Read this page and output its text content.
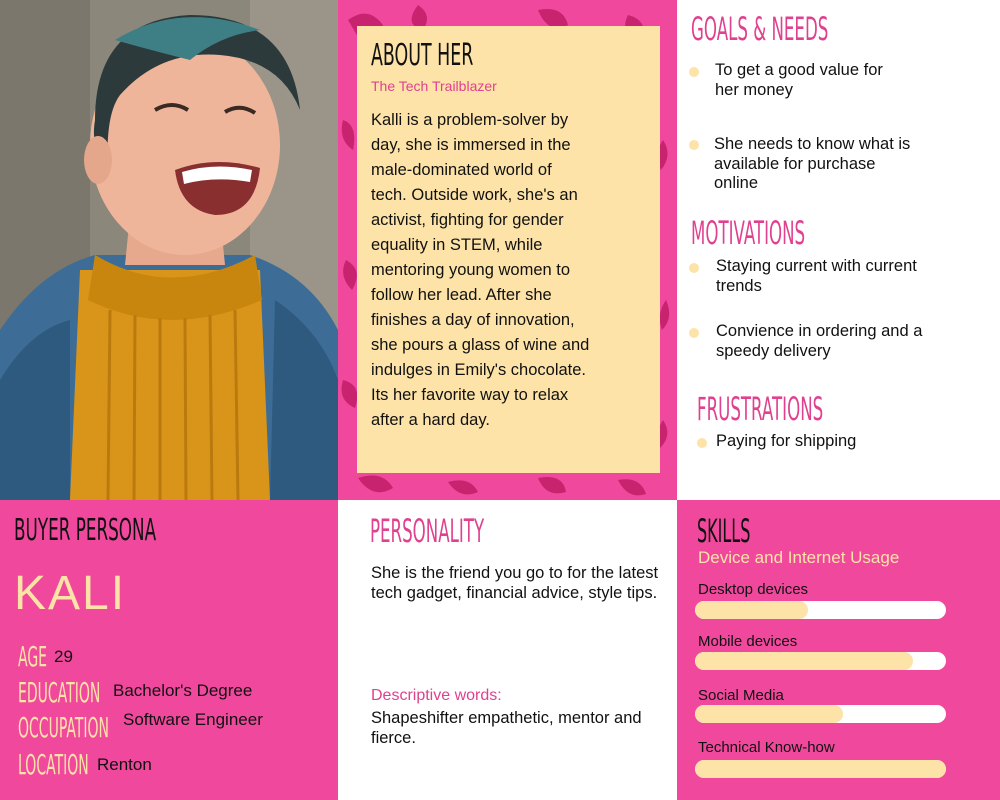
ABOUT HER
The Tech Trailblazer
Kalli is a problem-solver by
day, she is immersed in the
male-dominated world of
tech. Outside work, she's an
activist, fighting for gender
equality in STEM, while
mentoring young women to
follow her lead. After she
finishes a day of innovation,
she pours a glass of wine and
indulges in Emily's chocolate.
Its her favorite way to relax
after a hard day.
GOALS & NEEDS
To get a good value for
her money
She needs to know what is
available for purchase
online
MOTIVATIONS
Staying current with current
trends
Convience in ordering and a
speedy delivery
FRUSTRATIONS
Paying for shipping
BUYER PERSONA
KALI
AGE 29
EDUCATION Bachelor's Degree
OCCUPATION Software Engineer
LOCATION Renton
PERSONALITY
She is the friend you go to for the latest tech gadget, financial advice, style tips.
Descriptive words:
Shapeshifter empathetic, mentor and fierce.
SKILLS
Device and Internet Usage
Desktop devices
Mobile devices
Social Media
Technical Know-how
